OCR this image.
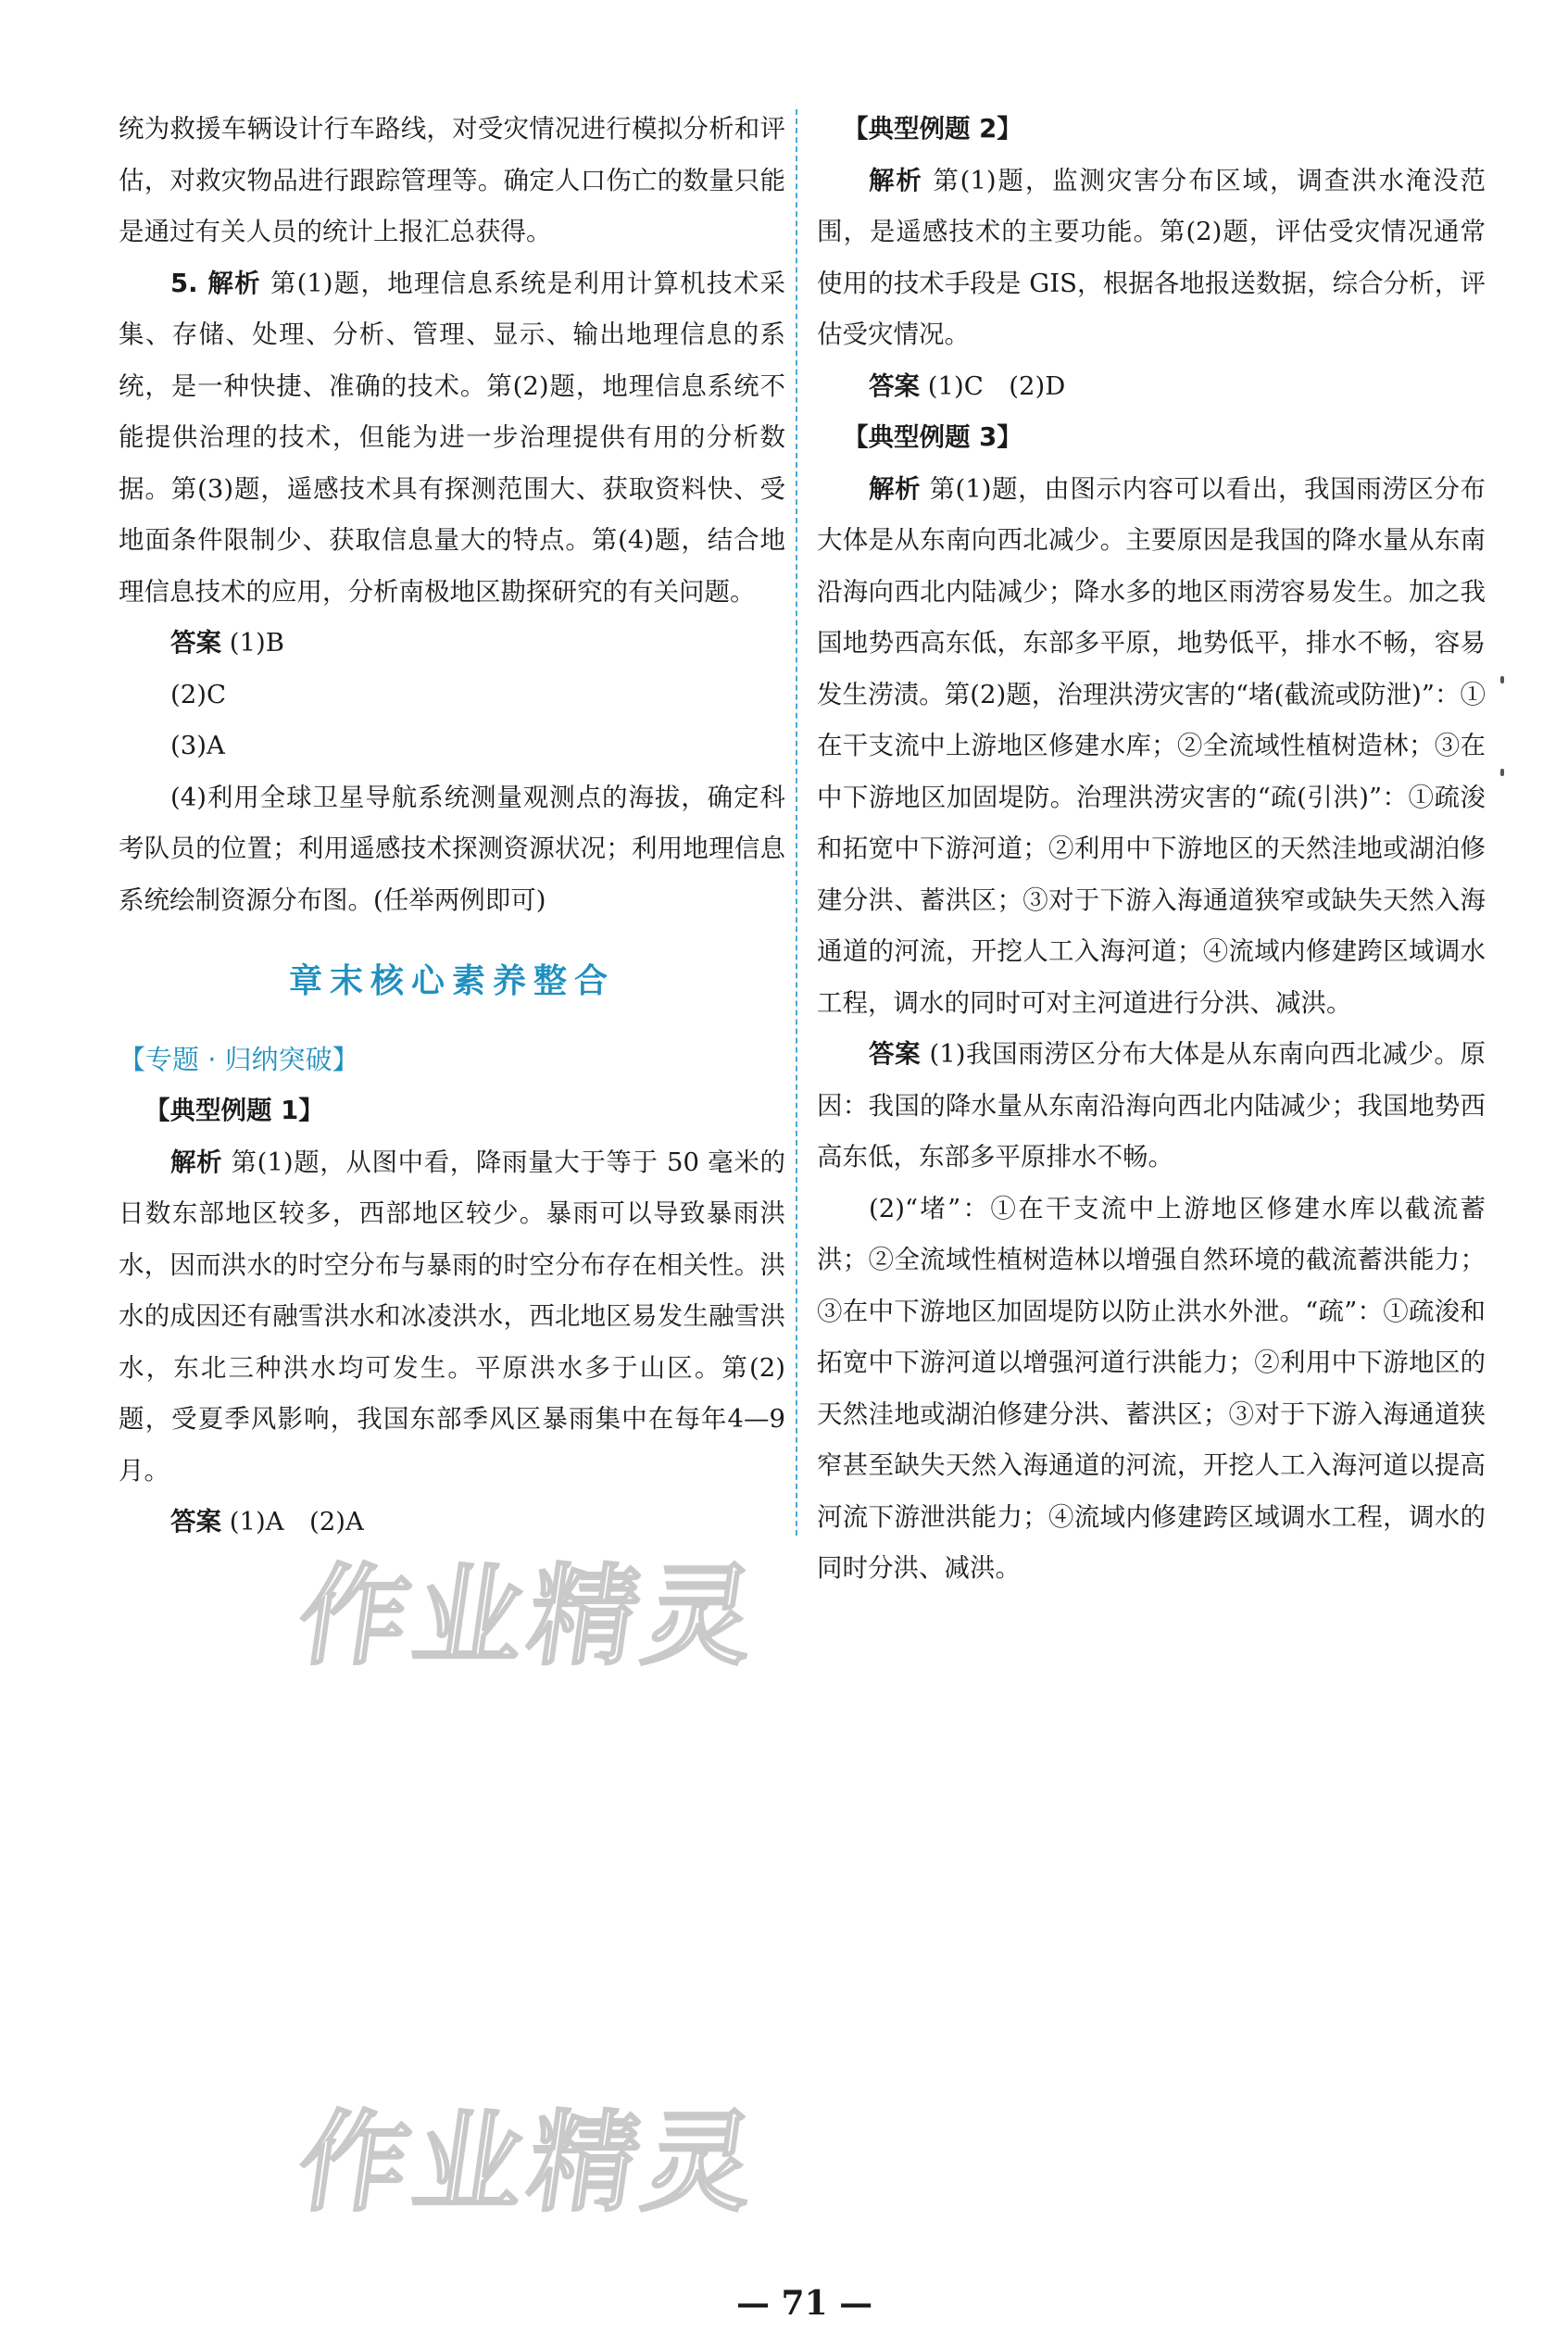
统为救援车辆设计行车路线，对受灾情况进行模拟分析和评估，对救灾物品进行跟踪管理等。确定人口伤亡的数量只能是通过有关人员的统计上报汇总获得。

5. 解析 第(1)题，地理信息系统是利用计算机技术采集、存储、处理、分析、管理、显示、输出地理信息的系统，是一种快捷、准确的技术。第(2)题，地理信息系统不能提供治理的技术，但能为进一步治理提供有用的分析数据。第(3)题，遥感技术具有探测范围大、获取资料快、受地面条件限制少、获取信息量大的特点。第(4)题，结合地理信息技术的应用，分析南极地区勘探研究的有关问题。

答案 (1)B

(2)C

(3)A

(4)利用全球卫星导航系统测量观测点的海拔，确定科考队员的位置；利用遥感技术探测资源状况；利用地理信息系统绘制资源分布图。(任举两例即可)

章末核心素养整合

【专题 · 归纳突破】

【典型例题 1】

解析 第(1)题，从图中看，降雨量大于等于 50 毫米的日数东部地区较多，西部地区较少。暴雨可以导致暴雨洪水，因而洪水的时空分布与暴雨的时空分布存在相关性。洪水的成因还有融雪洪水和冰凌洪水，西北地区易发生融雪洪水，东北三种洪水均可发生。平原洪水多于山区。第(2)题，受夏季风影响，我国东部季风区暴雨集中在每年4—9月。

答案 (1)A　(2)A

【典型例题 2】

解析 第(1)题，监测灾害分布区域，调查洪水淹没范围，是遥感技术的主要功能。第(2)题，评估受灾情况通常使用的技术手段是 GIS，根据各地报送数据，综合分析，评估受灾情况。

答案 (1)C　(2)D

【典型例题 3】

解析 第(1)题，由图示内容可以看出，我国雨涝区分布大体是从东南向西北减少。主要原因是我国的降水量从东南沿海向西北内陆减少；降水多的地区雨涝容易发生。加之我国地势西高东低，东部多平原，地势低平，排水不畅，容易发生涝渍。第(2)题，治理洪涝灾害的“堵(截流或防泄)”：①在干支流中上游地区修建水库；②全流域性植树造林；③在中下游地区加固堤防。治理洪涝灾害的“疏(引洪)”：①疏浚和拓宽中下游河道；②利用中下游地区的天然洼地或湖泊修建分洪、蓄洪区；③对于下游入海通道狭窄或缺失天然入海通道的河流，开挖人工入海河道；④流域内修建跨区域调水工程，调水的同时可对主河道进行分洪、减洪。

答案 (1)我国雨涝区分布大体是从东南向西北减少。原因：我国的降水量从东南沿海向西北内陆减少；我国地势西高东低，东部多平原排水不畅。

(2)“堵”：①在干支流中上游地区修建水库以截流蓄洪；②全流域性植树造林以增强自然环境的截流蓄洪能力；③在中下游地区加固堤防以防止洪水外泄。“疏”：①疏浚和拓宽中下游河道以增强河道行洪能力；②利用中下游地区的天然洼地或湖泊修建分洪、蓄洪区；③对于下游入海通道狭窄甚至缺失天然入海通道的河流，开挖人工入海河道以提高河流下游泄洪能力；④流域内修建跨区域调水工程，调水的同时分洪、减洪。

作业精灵
作业精灵
— 71 —
